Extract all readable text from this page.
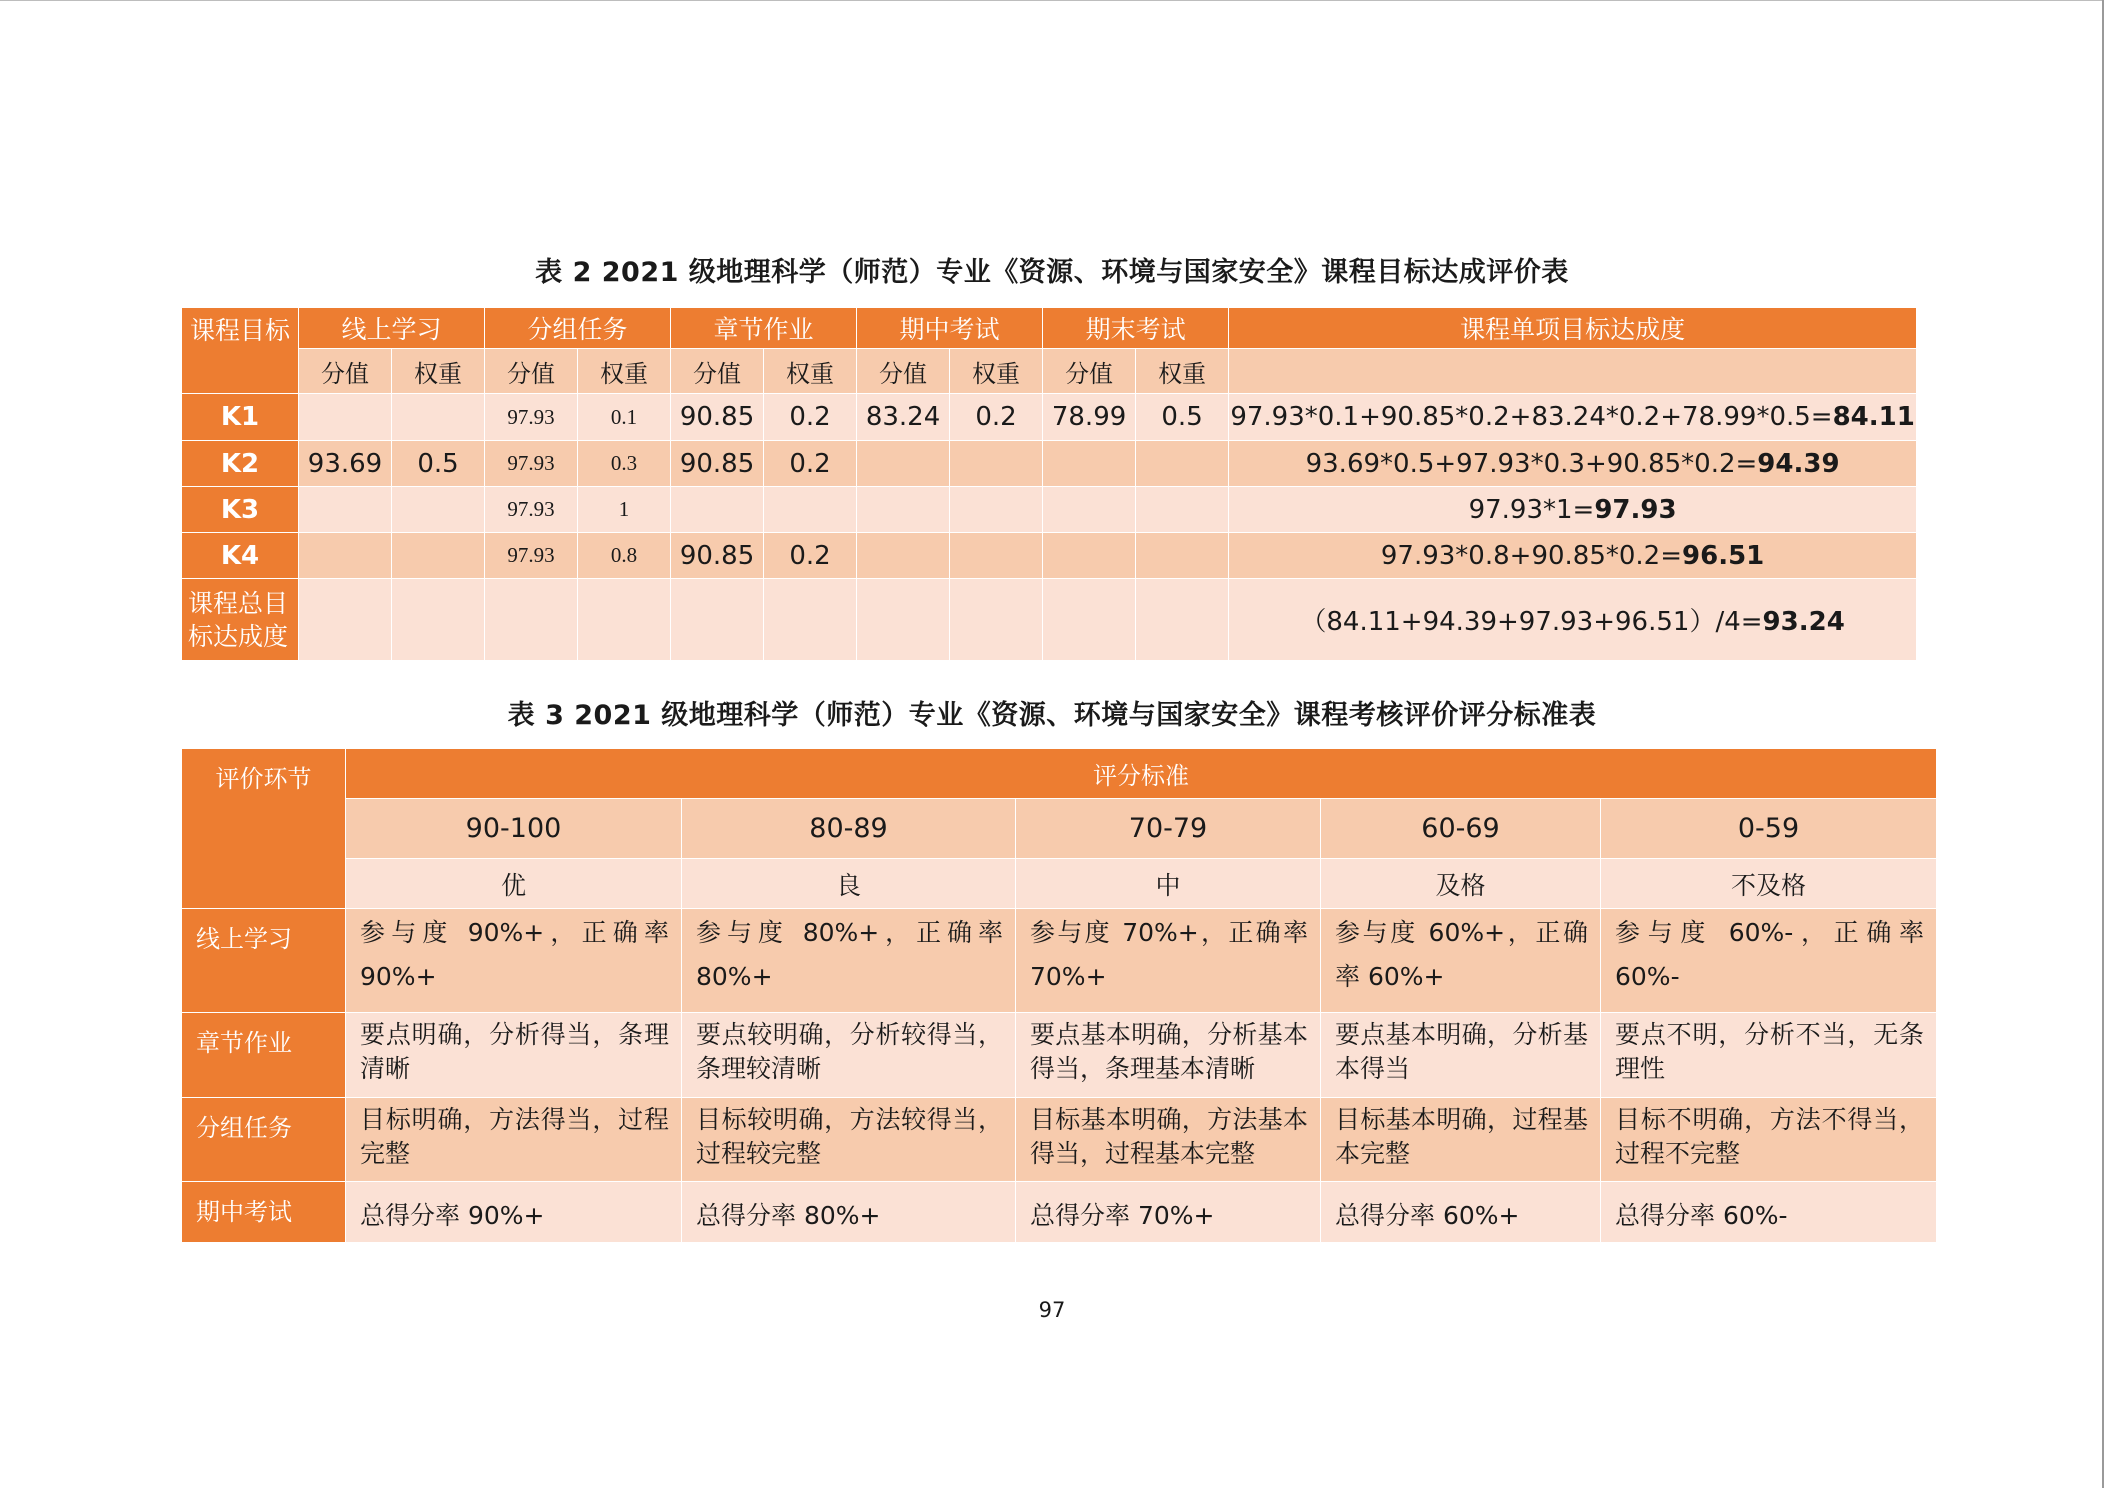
表 2 2021 级地理科学（师范）专业《资源、环境与国家安全》课程目标达成评价表
课程目标	线上学习		分组任务		章节作业		期中考试		期末考试		课程单项目标达成度
	分值	权重	分值	权重	分值	权重	分值	权重	分值	权重	
K1			97.93	0.1	90.85	0.2	83.24	0.2	78.99	0.5	97.93*0.1+90.85*0.2+83.24*0.2+78.99*0.5=84.11
K2	93.69	0.5	97.93	0.3	90.85	0.2					93.69*0.5+97.93*0.3+90.85*0.2=94.39
K3			97.93	1							97.93*1=97.93
K4			97.93	0.8	90.85	0.2					97.93*0.8+90.85*0.2=96.51
课程总目标达成度											（84.11+94.39+97.93+96.51）/4=93.24
表 3 2021 级地理科学（师范）专业《资源、环境与国家安全》课程考核评价评分标准表
评价环节	评分标准				
	90-100	80-89	70-79	60-69	0-59
	优	良	中	及格	不及格
线上学习	参与度 90%+，正确率 90%+	参与度 80%+，正确率 80%+	参与度 70%+，正确率 70%+	参与度 60%+，正确率 60%+	参与度 60%-，正确率 60%-
章节作业	要点明确，分析得当，条理清晰	要点较明确，分析较得当，条理较清晰	要点基本明确，分析基本得当，条理基本清晰	要点基本明确，分析基本得当	要点不明，分析不当，无条理性
分组任务	目标明确，方法得当，过程完整	目标较明确，方法较得当，过程较完整	目标基本明确，方法基本得当，过程基本完整	目标基本明确，过程基本完整	目标不明确，方法不得当，过程不完整
期中考试	总得分率 90%+	总得分率 80%+	总得分率 70%+	总得分率 60%+	总得分率 60%-
97
